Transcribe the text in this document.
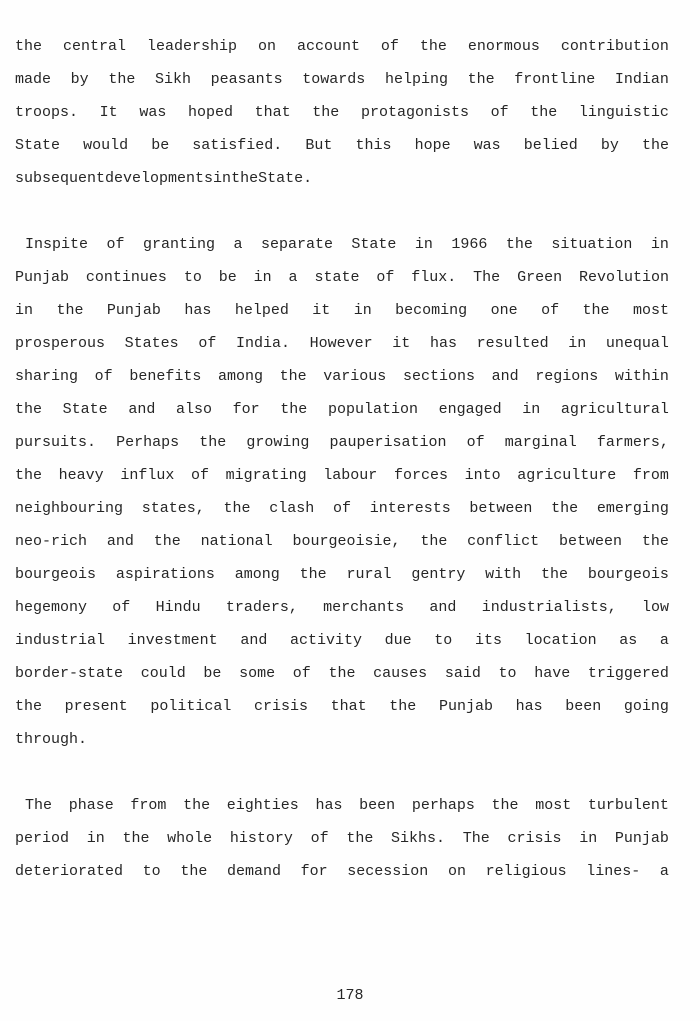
the central leadership on account of the enormous contribution
made by the Sikh peasants towards helping the frontline Indian
troops. It was hoped that the protagonists of the linguistic
State would be satisfied. But this hope was belied by the
subsequent developments in the State.
Inspite of granting a separate State in 1966 the situation in
Punjab continues to be in a state of flux. The Green Revolution
in the Punjab has helped it in becoming one of the most
prosperous States of India. However it has resulted in unequal
sharing of benefits among the various sections and regions within
the State and also for the population engaged in agricultural
pursuits. Perhaps the growing pauperisation of marginal farmers,
the heavy influx of migrating labour forces into agriculture from
neighbouring states, the clash of interests between the emerging
neo-rich and the national bourgeoisie, the conflict between the
bourgeois aspirations among the rural gentry with the bourgeois
hegemony of Hindu traders, merchants and industrialists, low
industrial investment and activity due to its location as a
border-state could be some of the causes said to have triggered
the present political crisis that the Punjab has been going
through.
The phase from the eighties has been perhaps the most turbulent
period in the whole history of the Sikhs. The crisis in Punjab
deteriorated to the demand for secession on religious lines- a
178
